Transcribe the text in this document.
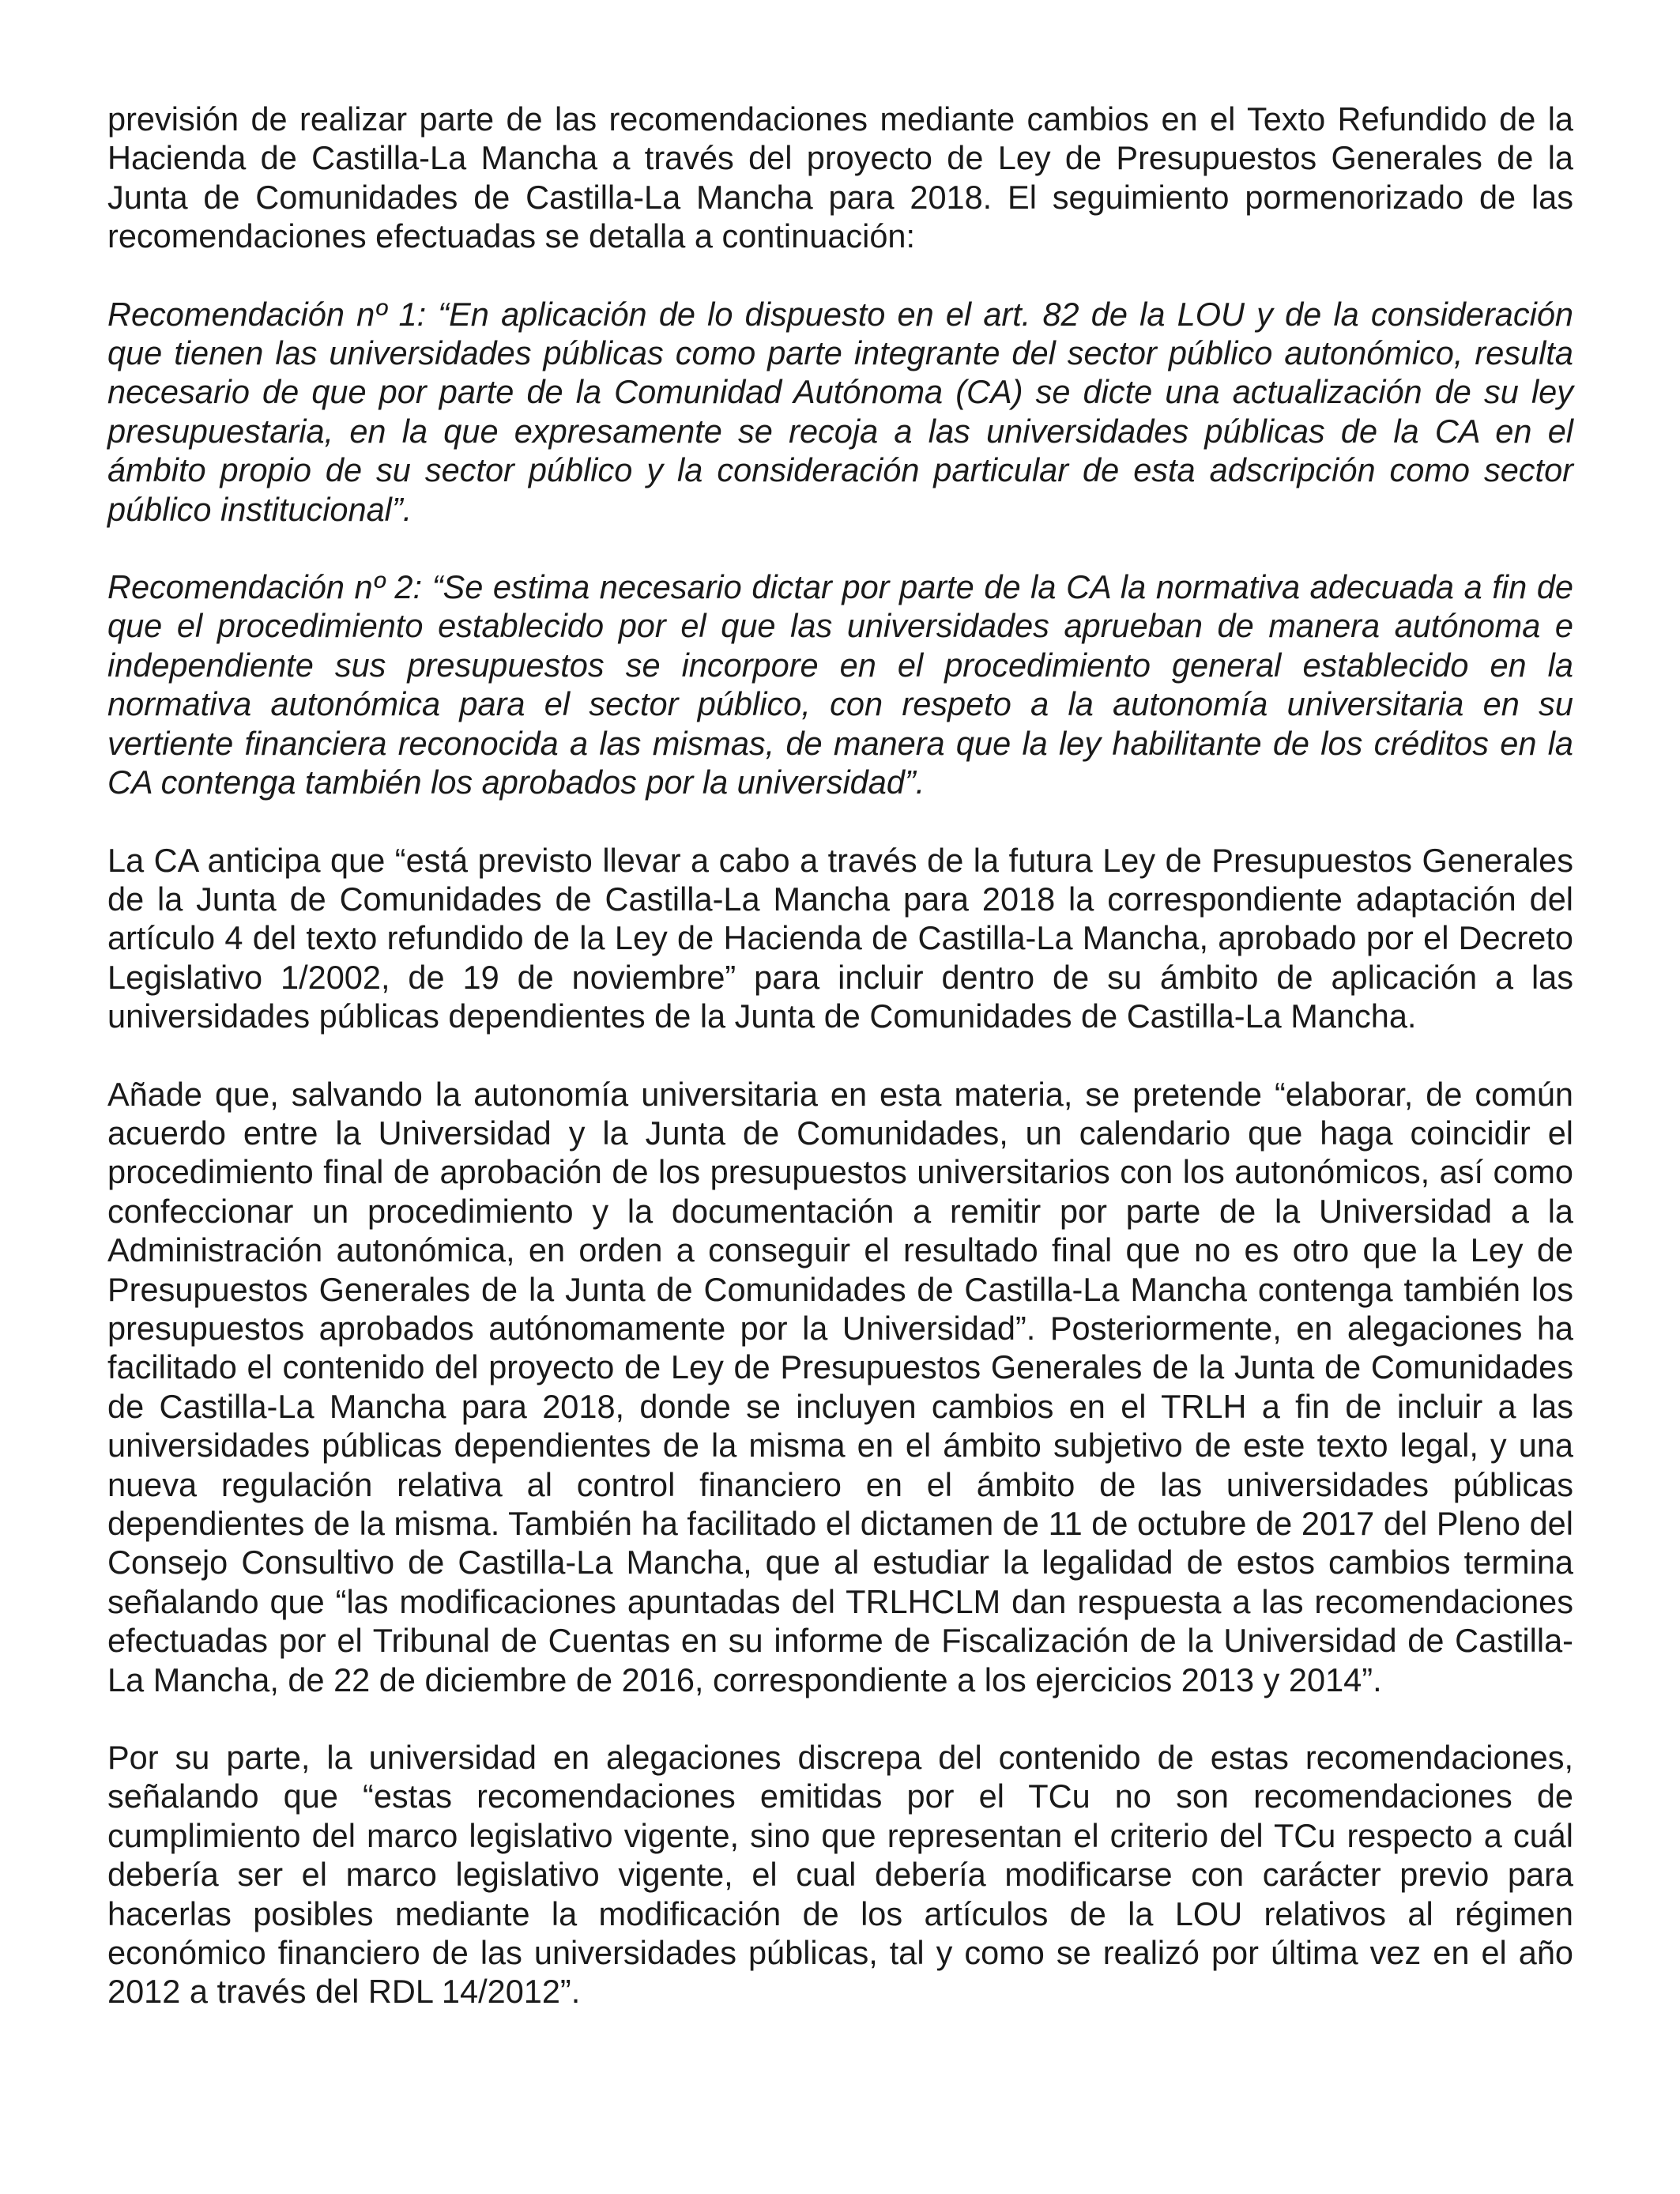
previsión de realizar parte de las recomendaciones mediante cambios en el Texto Refundido de la Hacienda de Castilla-La Mancha a través del proyecto de Ley de Presupuestos Generales de la Junta de Comunidades de Castilla-La Mancha para 2018. El seguimiento pormenorizado de las recomendaciones efectuadas se detalla a continuación:

Recomendación nº 1: “En aplicación de lo dispuesto en el art. 82 de la LOU y de la consideración que tienen las universidades públicas como parte integrante del sector público autonómico, resulta necesario de que por parte de la Comunidad Autónoma (CA) se dicte una actualización de su ley presupuestaria, en la que expresamente se recoja a las universidades públicas de la CA en el ámbito propio de su sector público y la consideración particular de esta adscripción como sector público institucional”.

Recomendación nº 2: “Se estima necesario dictar por parte de la CA la normativa adecuada a fin de que el procedimiento establecido por el que las universidades aprueban de manera autónoma e independiente sus presupuestos se incorpore en el procedimiento general establecido en la normativa autonómica para el sector público, con respeto a la autonomía universitaria en su vertiente financiera reconocida a las mismas, de manera que la ley habilitante de los créditos en la CA contenga también los aprobados por la universidad”.

La CA anticipa que “está previsto llevar a cabo a través de la futura Ley de Presupuestos Generales de la Junta de Comunidades de Castilla-La Mancha para 2018 la correspondiente adaptación del artículo 4 del texto refundido de la Ley de Hacienda de Castilla-La Mancha, aprobado por el Decreto Legislativo 1/2002, de 19 de noviembre” para incluir dentro de su ámbito de aplicación a las universidades públicas dependientes de la Junta de Comunidades de Castilla-La Mancha.

Añade que, salvando la autonomía universitaria en esta materia, se pretende “elaborar, de común acuerdo entre la Universidad y la Junta de Comunidades, un calendario que haga coincidir el procedimiento final de aprobación de los presupuestos universitarios con los autonómicos, así como confeccionar un procedimiento y la documentación a remitir por parte de la Universidad a la Administración autonómica, en orden a conseguir el resultado final que no es otro que la Ley de Presupuestos Generales de la Junta de Comunidades de Castilla-La Mancha contenga también los presupuestos aprobados autónomamente por la Universidad”. Posteriormente, en alegaciones ha facilitado el contenido del proyecto de Ley de Presupuestos Generales de la Junta de Comunidades de Castilla-La Mancha para 2018, donde se incluyen cambios en el TRLH a fin de incluir a las universidades públicas dependientes de la misma en el ámbito subjetivo de este texto legal, y una nueva regulación relativa al control financiero en el ámbito de las universidades públicas dependientes de la misma. También ha facilitado el dictamen de 11 de octubre de 2017 del Pleno del Consejo Consultivo de Castilla-La Mancha, que al estudiar la legalidad de estos cambios termina señalando que “las modificaciones apuntadas del TRLHCLM dan respuesta a las recomendaciones efectuadas por el Tribunal de Cuentas en su informe de Fiscalización de la Universidad de Castilla-La Mancha, de 22 de diciembre de 2016, correspondiente a los ejercicios 2013 y 2014”.

Por su parte, la universidad en alegaciones discrepa del contenido de estas recomendaciones, señalando que “estas recomendaciones emitidas por el TCu no son recomendaciones de cumplimiento del marco legislativo vigente, sino que representan el criterio del TCu respecto a cuál debería ser el marco legislativo vigente, el cual debería modificarse con carácter previo para hacerlas posibles mediante la modificación de los artículos de la LOU relativos al régimen económico financiero de las universidades públicas, tal y como se realizó por última vez en el año 2012 a través del RDL 14/2012”.
